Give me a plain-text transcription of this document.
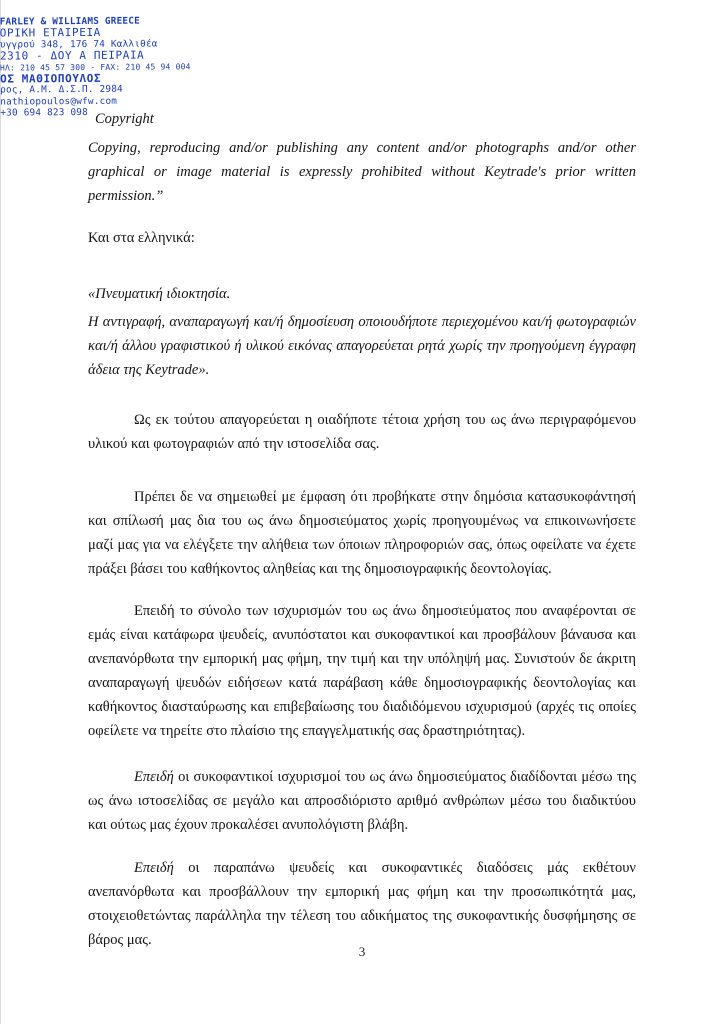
FARLEY & WILLIAMS GREECE
ΟΡΙΚΗ ΕΤΑΙΡΕΙΑ
υγγρού 348, 176 74 Καλλιθέα
2310 - ΔΟΥ Α ΠΕΙΡΑΙΑ
ΗΛ: 210 45 57 300 - FAX: 210 45 94 004
ΟΣ ΜΑΘΙΟΠΟΥΛΟΣ
ρος, Α.Μ. Δ.Σ.Π. 2984
nathiopoulos@wfw.com
+30 694 823 098 Copyright
Copying, reproducing and/or publishing any content and/or photographs and/or other graphical or image material is expressly prohibited without Keytrade's prior written permission.”
Και στα ελληνικά:
«Πνευματική ιδιοκτησία.
Η αντιγραφή, αναπαραγωγή και/ή δημοσίευση οποιουδήποτε περιεχομένου και/ή φωτογραφιών και/ή άλλου γραφιστικού ή υλικού εικόνας απαγορεύεται ρητά χωρίς την προηγούμενη έγγραφη άδεια της Keytrade».
Ως εκ τούτου απαγορεύεται η οιαδήποτε τέτοια χρήση του ως άνω περιγραφόμενου υλικού και φωτογραφιών από την ιστοσελίδα σας.
Πρέπει δε να σημειωθεί με έμφαση ότι προβήκατε στην δημόσια κατασυκοφάντησή και σπίλωσή μας δια του ως άνω δημοσιεύματος χωρίς προηγουμένως να επικοινωνήσετε μαζί μας για να ελέγξετε την αλήθεια των όποιων πληροφοριών σας, όπως οφείλατε να έχετε πράξει βάσει του καθήκοντος αληθείας και της δημοσιογραφικής δεοντολογίας.
Επειδή το σύνολο των ισχυρισμών του ως άνω δημοσιεύματος που αναφέρονται σε εμάς είναι κατάφωρα ψευδείς, ανυπόστατοι και συκοφαντικοί και προσβάλουν βάναυσα και ανεπανόρθωτα την εμπορική μας φήμη, την τιμή και την υπόληψή μας. Συνιστούν δε άκριτη αναπαραγωγή ψευδών ειδήσεων κατά παράβαση κάθε δημοσιογραφικής δεοντολογίας και καθήκοντος διασταύρωσης και επιβεβαίωσης του διαδιδόμενου ισχυρισμού (αρχές τις οποίες οφείλετε να τηρείτε στο πλαίσιο της επαγγελματικής σας δραστηριότητας).
Επειδή οι συκοφαντικοί ισχυρισμοί του ως άνω δημοσιεύματος διαδίδονται μέσω της ως άνω ιστοσελίδας σε μεγάλο και απροσδιόριστο αριθμό ανθρώπων μέσω του διαδικτύου και ούτως μας έχουν προκαλέσει ανυπολόγιστη βλάβη.
Επειδή οι παραπάνω ψευδείς και συκοφαντικές διαδόσεις μάς εκθέτουν ανεπανόρθωτα και προσβάλλουν την εμπορική μας φήμη και την προσωπικότητά μας, στοιχειοθετώντας παράλληλα την τέλεση του αδικήματος της συκοφαντικής δυσφήμησης σε βάρος μας.
3
